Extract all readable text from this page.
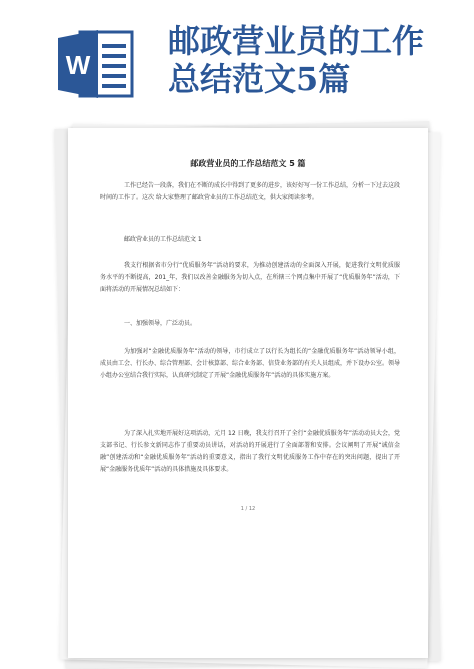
W
邮政营业员的工作
总结范文5篇
邮政营业员的工作总结范文 5 篇
工作已经告一段落，我们在不断的成长中得到了更多的进步，该好好写一份工作总结，分析一下过去这段时间的工作了。这次 给大家整理了邮政营业员的工作总结范文，供大家阅读参考。
邮政营业员的工作总结范文 1
我支行根据省市分行“优质服务年”活动的要求，为推动创建活动的全面深入开展，促进我行文明优质服务水平的不断提高，201_年，我们以改善金融服务为切入点，在所辖三个网点集中开展了“优质服务年”活动，下面将活动的开展情况总结如下：
一、加强领导，广泛动员。
为加强对“金融优质服务年”活动的领导，市行成立了以行长为组长的“金融优质服务年”活动领导小组，成员由工会、行长办、综合管理部、会计核算部、综合业务部、信贷业务部的有关人员组成，并下设办公室。领导小组办公室结合我行实际，认真研究制定了开展“金融优质服务年”活动的具体实施方案。
为了深入扎实地开展好这项活动，元月 12 日晚，我支行召开了全行“金融优质服务年”活动动员大会，党支部书记、行长参文新同志作了重要动员讲话，对活动的开展进行了全面部署和安排。会议阐明了开展“诚信金融”创建活动和“金融优质服务年”活动的重要意义，指出了我行文明优质服务工作中存在的突出问题，提出了开展“金融服务优质年”活动的具体措施及具体要求。
1 / 12
